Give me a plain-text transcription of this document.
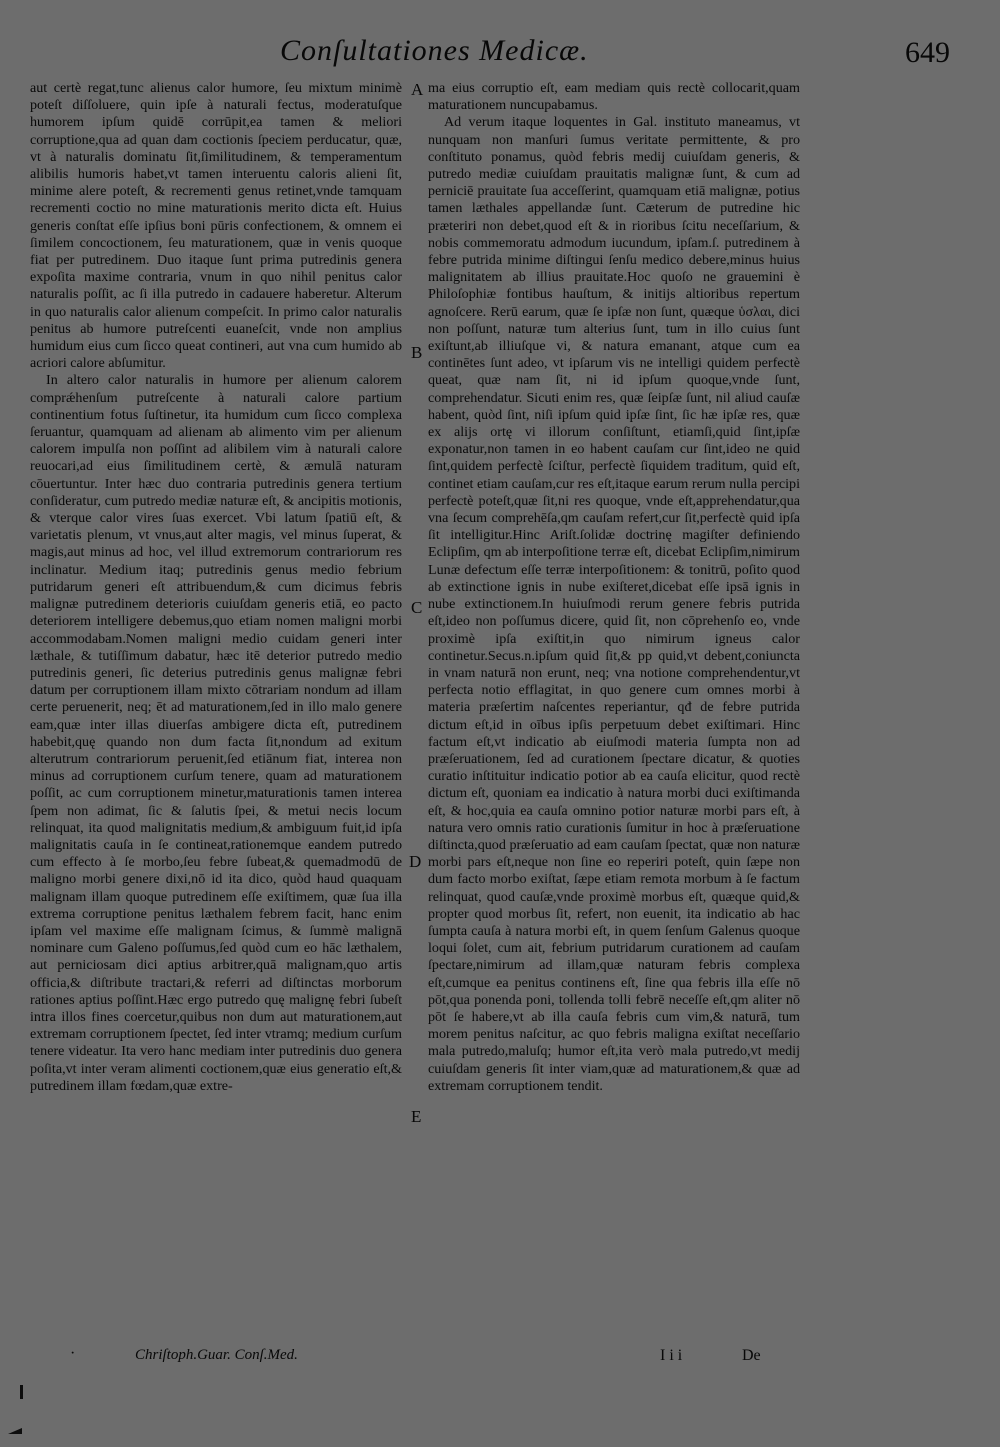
Conſultationes Medicæ.	649

aut certè regat,tunc alienus calor humore, ſeu mixtum minimè poteſt diſſoluere, quin ipſe à naturali fectus, moderatuſque humorem ipſum quidē corrūpit,ea tamen & meliori corruptione,qua ad quan dam coctionis ſpeciem perducatur, quæ, vt à naturalis dominatu ſit,ſimilitudinem, & temperamentum alibilis humoris habet,vt tamen interuentu caloris alieni ſit, minime alere poteſt, & recrementi genus retinet,vnde tamquam recrementi coctio no mine maturationis merito dicta eſt. Huius generis conſtat eſſe ipſius boni pūris confectionem, & omnem ei ſimilem concoctionem, ſeu maturationem, quæ in venis quoque fiat per putredinem. Duo itaque ſunt prima putredinis genera expoſita maxime contraria, vnum in quo nihil penitus calor naturalis poſſit, ac ſi illa putredo in cadauere haberetur. Alterum in quo naturalis calor alienum compeſcit. In primo calor naturalis penitus ab humore putreſcenti euaneſcit, vnde non amplius humidum eius cum ſicco queat contineri, aut vna cum humido ab acriori calore abſumitur.

In altero calor naturalis in humore per alienum calorem comprǽhenſum putreſcente à naturali calore partium continentium fotus ſuſtinetur, ita humidum cum ſicco complexa ſeruantur, quamquam ad alienam ab alimento vim per alienum calorem impulſa non poſſint ad alibilem vim à naturali calore reuocari,ad eius ſimilitudinem certè, & æmulā naturam cōuertuntur. Inter hæc duo contraria putredinis genera tertium conſideratur, cum putredo mediæ naturæ eſt, & ancipitis motionis, & vterque calor vires ſuas exercet. Vbi latum ſpatiū eſt, & varietatis plenum, vt vnus,aut alter magis, vel minus ſuperat, & magis,aut minus ad hoc, vel illud extremorum contrariorum res inclinatur. Medium itaq; putredinis genus medio febrium putridarum generi eſt attribuendum,& cum dicimus febris malignæ putredinem deterioris cuiuſdam generis etiā, eo pacto deteriorem intelligere debemus,quo etiam nomen maligni morbi accommodabam.Nomen maligni medio cuidam generi inter læthale, & tutiſſimum dabatur, hæc itē deterior putredo medio putredinis generi, ſic deterius putredinis genus malignæ febri datum per corruptionem illam mixto cōtrariam nondum ad illam certe peruenerit, neq; ēt ad maturationem,ſed in illo malo genere eam,quæ inter illas diuerſas ambigere dicta eſt, putredinem habebit,quę quando non dum facta ſit,nondum ad exitum alterutrum contrariorum peruenit,ſed etiānum fiat, interea non minus ad corruptionem curſum tenere, quam ad maturationem poſſit, ac cum corruptionem minetur,maturationis tamen interea ſpem non adimat, ſic & ſalutis ſpei, & metui necis locum relinquat, ita quod malignitatis medium,& ambiguum fuit,id ipſa malignitatis cauſa in ſe contineat,rationemque eandem putredo cum effecto à ſe morbo,ſeu febre ſubeat,& quemadmodū de maligno morbi genere dixi,nō id ita dico, quòd haud quaquam malignam illam quoque putredinem eſſe exiſtimem, quæ ſua illa extrema corruptione penitus læthalem febrem facit, hanc enim ipſam vel maxime eſſe malignam ſcimus, & ſummè malignā nominare cum Galeno poſſumus,ſed quòd cum eo hāc læthalem, aut perniciosam dici aptius arbitrer,quā malignam,quo artis officia,& diſtribute tractari,& referri ad diſtinctas morborum rationes aptius poſſint.Hæc ergo putredo quę malignę febri ſubeſt intra illos fines coercetur,quibus non dum aut maturationem,aut extremam corruptionem ſpectet, ſed inter vtramq; medium curſum tenere videatur. Ita vero hanc mediam inter putredinis duo genera poſita,vt inter veram alimenti coctionem,quæ eius generatio eſt,& putredinem illam fœdam,quæ extre-

A
B
C
D
E

ma eius corruptio eſt, eam mediam quis rectè collocarit,quam maturationem nuncupabamus.

Ad verum itaque loquentes in Gal. instituto maneamus, vt nunquam non manſuri ſumus veritate permittente, & pro conſtituto ponamus, quòd febris medij cuiuſdam generis, & putredo mediæ cuiuſdam prauitatis malignæ ſunt, & cum ad perniciē prauitate ſua acceſſerint, quamquam etiā malignæ, potius tamen læthales appellandæ ſunt. Cæterum de putredine hic præteriri non debet,quod eſt & in rioribus ſcitu neceſſarium, & nobis commemoratu admodum iucundum, ipſam.ſ. putredinem à febre putrida minime diſtingui ſenſu medico debere,minus huius malignitatem ab illius prauitate.Hoc quoſo ne grauemini è Philoſophiæ fontibus hauſtum, & initijs altioribus repertum agnoſcere. Rerū earum, quæ ſe ipſæ non ſunt, quæque ὑσλαι, dici non poſſunt, naturæ tum alterius ſunt, tum in illo cuius ſunt exiſtunt,ab illiuſque vi, & natura emanant, atque cum ea continētes ſunt adeo, vt ipſarum vis ne intelligi quidem perfectè queat, quæ nam ſit, ni id ipſum quoque,vnde ſunt, comprehendatur. Sicuti enim res, quæ ſeipſæ ſunt, nil aliud cauſæ habent, quòd ſint, niſi ipſum quid ipſæ ſint, ſic hæ ipſæ res, quæ ex alijs ortę vi illorum conſiſtunt, etiamſi,quid ſint,ipſæ exponatur,non tamen in eo habent cauſam cur ſint,ideo ne quid ſint,quidem perfectè ſciſtur, perfectè ſiquidem traditum, quid eſt, continet etiam cauſam,cur res eſt,itaque earum rerum nulla percipi perfectè poteſt,quæ ſit,ni res quoque, vnde eſt,apprehendatur,qua vna ſecum comprehēſa,qm cauſam refert,cur ſit,perfectè quid ipſa ſit intelligitur.Hinc Ariſt.ſolidæ doctrinę magiſter definiendo Eclipſim, qm ab interpoſitione terræ eſt, dicebat Eclipſim,nimirum Lunæ defectum eſſe terræ interpoſitionem: & tonitrū, poſito quod ab extinctione ignis in nube exiſteret,dicebat eſſe ipsā ignis in nube extinctionem.In huiuſmodi rerum genere febris putrida eſt,ideo non poſſumus dicere, quid ſit, non cōprehenſo eo, vnde proximè ipſa exiſtit,in quo nimirum igneus calor continetur.Secus.n.ipſum quid ſit,& pp quid,vt debent,coniuncta in vnam naturā non erunt, neq; vna notione comprehendentur,vt perfecta notio efflagitat, in quo genere cum omnes morbi à materia præſertim naſcentes reperiantur, qđ de febre putrida dictum eſt,id in oībus ipſis perpetuum debet exiſtimari. Hinc factum eſt,vt indicatio ab eiuſmodi materia ſumpta non ad præſeruationem, ſed ad curationem ſpectare dicatur, & quoties curatio inſtituitur indicatio potior ab ea cauſa elicitur, quod rectè dictum eſt, quoniam ea indicatio à natura morbi duci exiſtimanda eſt, & hoc,quia ea cauſa omnino potior naturæ morbi pars eſt, à natura vero omnis ratio curationis ſumitur in hoc à præſeruatione diſtincta,quod præſeruatio ad eam cauſam ſpectat, quæ non naturæ morbi pars eſt,neque non ſine eo reperiri poteſt, quin ſæpe non dum facto morbo exiſtat, ſæpe etiam remota morbum à ſe factum relinquat, quod cauſæ,vnde proximè morbus eſt, quæque quid,& propter quod morbus ſit, refert, non euenit, ita indicatio ab hac ſumpta cauſa à natura morbi eſt, in quem ſenſum Galenus quoque loqui ſolet, cum ait, febrium putridarum curationem ad cauſam ſpectare,nimirum ad illam,quæ naturam febris complexa eſt,cumque ea penitus continens eſt, ſine qua febris illa eſſe nō pōt,qua ponenda poni, tollenda tolli febrē neceſſe eſt,qm aliter nō pōt ſe habere,vt ab illa cauſa febris cum vim,& naturā, tum morem penitus naſcitur, ac quo febris maligna exiſtat neceſſario mala putredo,maluſq; humor eſt,ita verò mala putredo,vt medij cuiuſdam generis ſit inter viam,quæ ad maturationem,& quæ ad extremam corruptionem tendit.

·	Chriſtoph.Guar. Conſ.Med.	I i i	De
